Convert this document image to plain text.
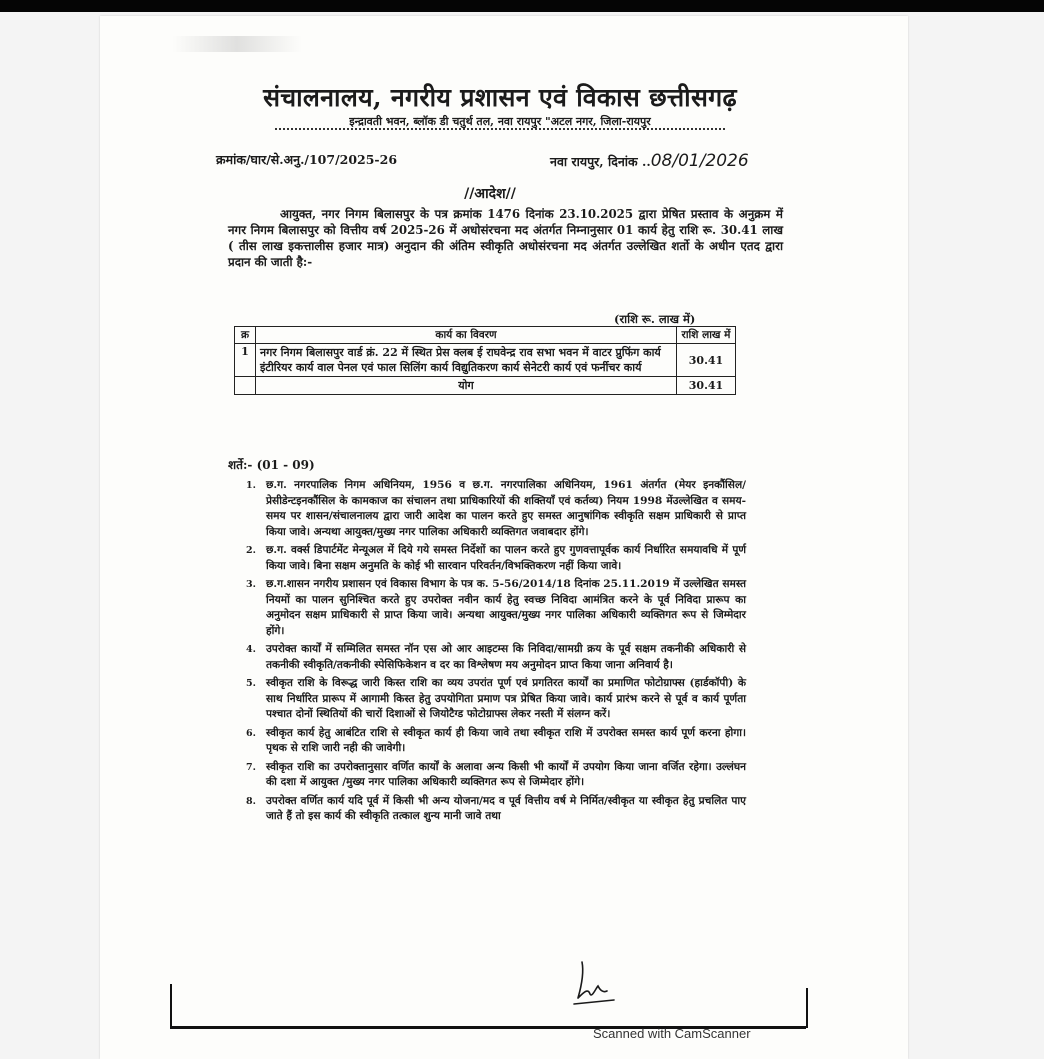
संचालनालय, नगरीय प्रशासन एवं विकास छत्तीसगढ़
इन्द्रावती भवन, ब्लॉक डी चतुर्थ तल, नवा रायपुर "अटल नगर, जिला-रायपुर
क्रमांक/घार/से.अनु./107/2025-26	नवा रायपुर, दिनांक ..08/01/2026
//आदेश//
आयुक्त, नगर निगम बिलासपुर के पत्र क्रमांक 1476 दिनांक 23.10.2025 द्वारा प्रेषित प्रस्ताव के अनुक्रम में नगर निगम बिलासपुर को वित्तीय वर्ष 2025-26 में अधोसंरचना मद अंतर्गत निम्नानुसार 01 कार्य हेतु राशि रू. 30.41 लाख ( तीस लाख इकत्तालीस हजार मात्र) अनुदान की अंतिम स्वीकृति अधोसंरचना मद अंतर्गत उल्लेखित शर्तो के अधीन एतद द्वारा प्रदान की जाती है:-
(राशि रू. लाख में)
क्र	कार्य का विवरण	राशि लाख में
1	नगर निगम बिलासपुर वार्ड क्रं. 22 में स्थित प्रेस क्लब ई राघवेन्द्र राव सभा भवन में वाटर प्रुफिंग कार्य इंटीरियर कार्य वाल पेनल एवं फाल सिलिंग कार्य विद्युतिकरण कार्य सेनेटरी कार्य एवं फर्नीचर कार्य	30.41
	योग	30.41
शर्ते:- (01 - 09)
1. छ.ग. नगरपालिक निगम अधिनियम, 1956 व छ.ग. नगरपालिका अधिनियम, 1961 अंतर्गत (मेयर इनकौंसिल/प्रेसीडेन्टइनकौंसिल के कामकाज का संचालन तथा प्राधिकारियों की शक्तियाँ एवं कर्तव्य) नियम 1998 मेंउल्लेखित व समय-समय पर शासन/संचालनालय द्वारा जारी आदेश का पालन करते हुए समस्त आनुषांगिक स्वीकृति सक्षम प्राधिकारी से प्राप्त किया जावे। अन्यथा आयुक्त/मुख्य नगर पालिका अधिकारी व्यक्तिगत जवाबदार होंगे।
2. छ.ग. वर्क्स डिपार्टमेंट मेन्यूअल में दिये गये समस्त निर्देशों का पालन करते हुए गुणवत्तापूर्वक कार्य निर्धारित समयावधि में पूर्ण किया जावे। बिना सक्षम अनुमति के कोई भी सारवान परिवर्तन/विभक्तिकरण नहीं किया जावे।
3. छ.ग.शासन नगरीय प्रशासन एवं विकास विभाग के पत्र क. 5-56/2014/18 दिनांक 25.11.2019 में उल्लेखित समस्त नियमों का पालन सुनिश्चित करते हुए उपरोक्त नवीन कार्य हेतु स्वच्छ निविदा आमंत्रित करने के पूर्व निविदा प्रारूप का अनुमोदन सक्षम प्राधिकारी से प्राप्त किया जावे। अन्यथा आयुक्त/मुख्य नगर पालिका अधिकारी व्यक्तिगत रूप से जिम्मेदार होंगे।
4. उपरोक्त कार्यों में सम्मिलित समस्त नॉन एस ओ आर आइटम्स कि निविदा/सामग्री क्रय के पूर्व सक्षम तकनीकी अधिकारी से तकनीकी स्वीकृति/तकनीकी स्पेसिफिकेशन व दर का विश्लेषण मय अनुमोदन प्राप्त किया जाना अनिवार्य है।
5. स्वीकृत राशि के विरूद्ध जारी किस्त राशि का व्यय उपरांत पूर्ण एवं प्रगतिरत कार्यों का प्रमाणित फोटोग्राफ्स (हार्डकॉपी) के साथ निर्धारित प्रारूप में आगामी किस्त हेतु उपयोगिता प्रमाण पत्र प्रेषित किया जावे। कार्य प्रारंभ करने से पूर्व व कार्य पूर्णता पश्चात दोनों स्थितियों की चारों दिशाओं से जियोटैग्ड फोटोग्राफ्स लेकर नस्ती में संलग्न करें।
6. स्वीकृत कार्य हेतु आबंटित राशि से स्वीकृत कार्य ही किया जावे तथा स्वीकृत राशि में उपरोक्त समस्त कार्य पूर्ण करना होगा। पृथक से राशि जारी नही की जावेगी।
7. स्वीकृत राशि का उपरोक्तानुसार वर्णित कार्यों के अलावा अन्य किसी भी कार्यों में उपयोग किया जाना वर्जित रहेगा। उल्लंघन की दशा में आयुक्त /मुख्य नगर पालिका अधिकारी व्यक्तिगत रूप से जिम्मेदार होंगे।
8. उपरोक्त वर्णित कार्य यदि पूर्व में किसी भी अन्य योजना/मद व पूर्व वित्तीय वर्ष मे निर्मित/स्वीकृत या स्वीकृत हेतु प्रचलित पाए जाते हैं तो इस कार्य की स्वीकृति तत्काल शुन्य मानी जावे तथा
Scanned with CamScanner
